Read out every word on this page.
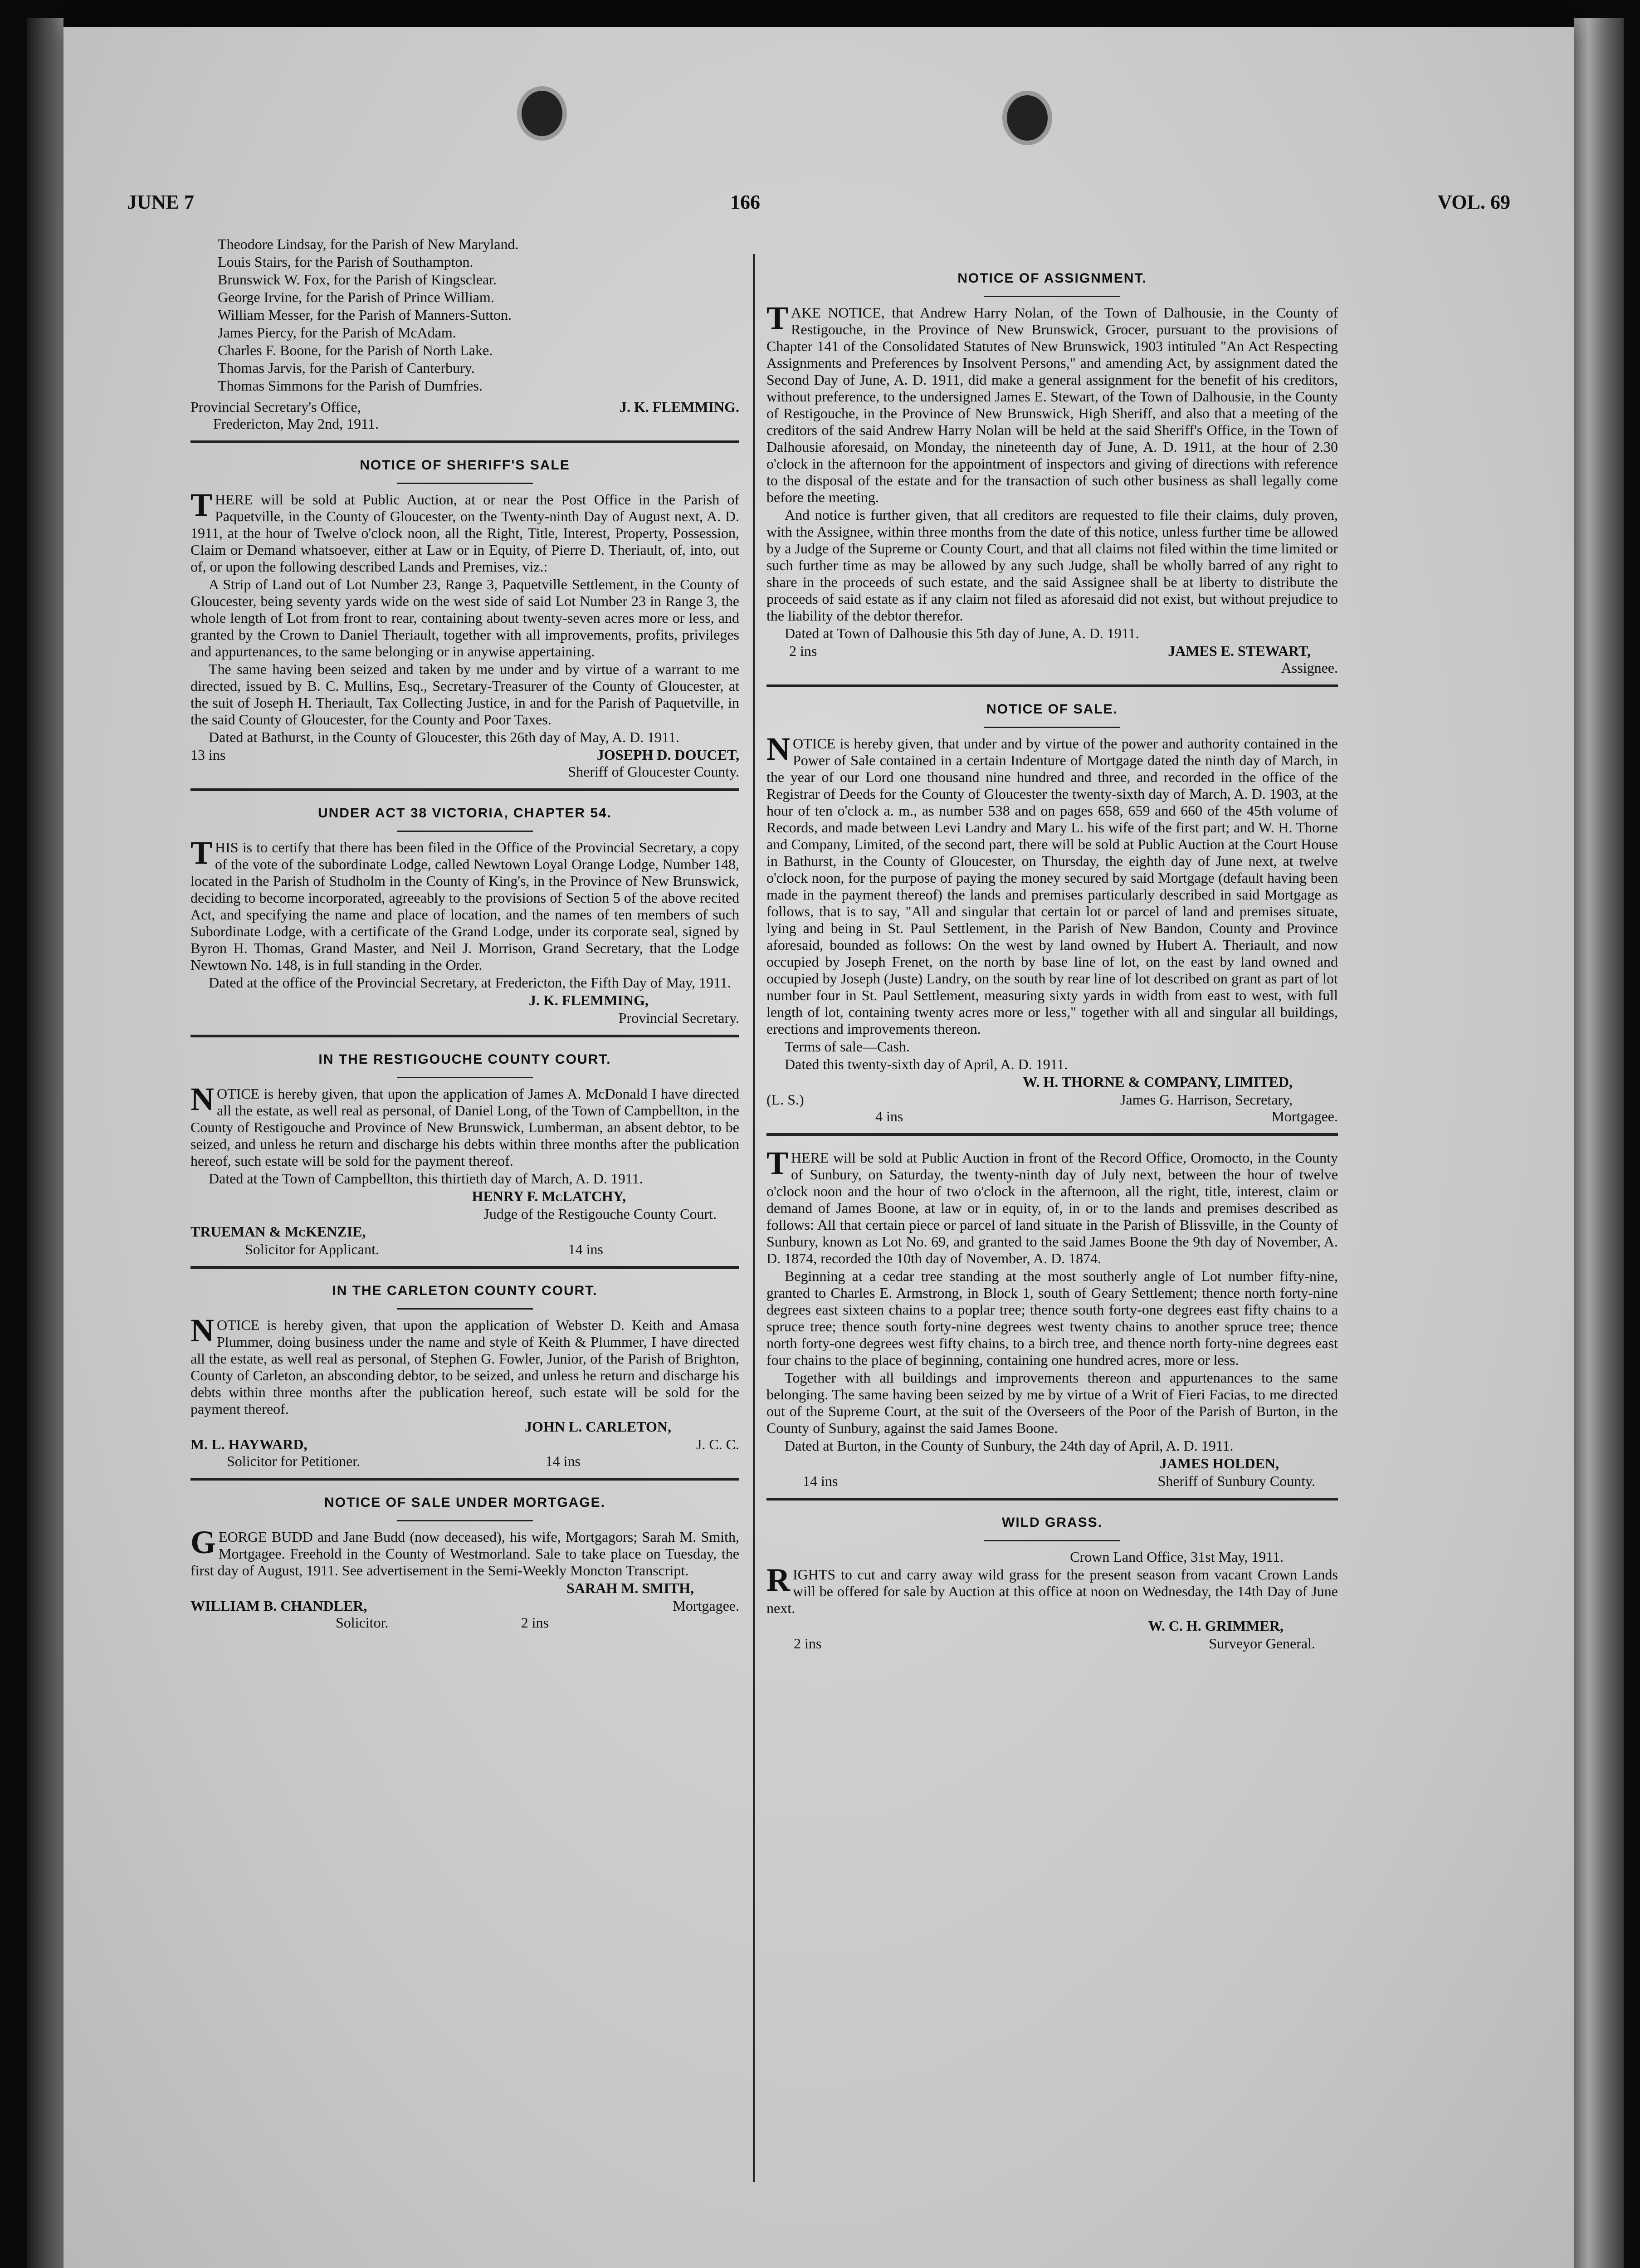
JUNE 7	166	VOL. 69

Theodore Lindsay, for the Parish of New Maryland.

Louis Stairs, for the Parish of Southampton.

Brunswick W. Fox, for the Parish of Kingsclear.

George Irvine, for the Parish of Prince William.

William Messer, for the Parish of Manners-Sutton.

James Piercy, for the Parish of McAdam.

Charles F. Boone, for the Parish of North Lake.

Thomas Jarvis, for the Parish of Canterbury.

Thomas Simmons for the Parish of Dumfries.

Provincial Secretary's Office,	J. K. FLEMMING.

Fredericton, May 2nd, 1911.

NOTICE OF SHERIFF'S SALE

THERE will be sold at Public Auction, at or near the Post Office in the Parish of Paquetville, in the County of Gloucester, on the Twenty-ninth Day of August next, A. D. 1911, at the hour of Twelve o'clock noon, all the Right, Title, Interest, Property, Possession, Claim or Demand whatsoever, either at Law or in Equity, of Pierre D. Theriault, of, into, out of, or upon the following described Lands and Premises, viz.:

A Strip of Land out of Lot Number 23, Range 3, Paquetville Settlement, in the County of Gloucester, being seventy yards wide on the west side of said Lot Number 23 in Range 3, the whole length of Lot from front to rear, containing about twenty-seven acres more or less, and granted by the Crown to Daniel Theriault, together with all improvements, profits, privileges and appurtenances, to the same belonging or in anywise appertaining.

The same having been seized and taken by me under and by virtue of a warrant to me directed, issued by B. C. Mullins, Esq., Secretary-Treasurer of the County of Gloucester, at the suit of Joseph H. Theriault, Tax Collecting Justice, in and for the Parish of Paquetville, in the said County of Gloucester, for the County and Poor Taxes.

Dated at Bathurst, in the County of Gloucester, this 26th day of May, A. D. 1911.

13 ins	JOSEPH D. DOUCET,

Sheriff of Gloucester County.

UNDER ACT 38 VICTORIA, CHAPTER 54.

THIS is to certify that there has been filed in the Office of the Provincial Secretary, a copy of the vote of the subordinate Lodge, called Newtown Loyal Orange Lodge, Number 148, located in the Parish of Studholm in the County of King's, in the Province of New Brunswick, deciding to become incorporated, agreeably to the provisions of Section 5 of the above recited Act, and specifying the name and place of location, and the names of ten members of such Subordinate Lodge, with a certificate of the Grand Lodge, under its corporate seal, signed by Byron H. Thomas, Grand Master, and Neil J. Morrison, Grand Secretary, that the Lodge Newtown No. 148, is in full standing in the Order.

Dated at the office of the Provincial Secretary, at Fredericton, the Fifth Day of May, 1911.

J. K. FLEMMING,

Provincial Secretary.

IN THE RESTIGOUCHE COUNTY COURT.

NOTICE is hereby given, that upon the application of James A. McDonald I have directed all the estate, as well real as personal, of Daniel Long, of the Town of Campbellton, in the County of Restigouche and Province of New Brunswick, Lumberman, an absent debtor, to be seized, and unless he return and discharge his debts within three months after the publication hereof, such estate will be sold for the payment thereof.

Dated at the Town of Campbellton, this thirtieth day of March, A. D. 1911.

HENRY F. McLATCHY,

Judge of the Restigouche County Court.

TRUEMAN & McKENZIE,

Solicitor for Applicant.	14 ins
IN THE CARLETON COUNTY COURT.

NOTICE is hereby given, that upon the application of Webster D. Keith and Amasa Plummer, doing business under the name and style of Keith & Plummer, I have directed all the estate, as well real as personal, of Stephen G. Fowler, Junior, of the Parish of Brighton, County of Carleton, an absconding debtor, to be seized, and unless he return and discharge his debts within three months after the publication hereof, such estate will be sold for the payment thereof.

JOHN L. CARLETON,

M. L. HAYWARD,	J. C. C.
Solicitor for Petitioner.	14 ins
NOTICE OF SALE UNDER MORTGAGE.

GEORGE BUDD and Jane Budd (now deceased), his wife, Mortgagors; Sarah M. Smith, Mortgagee. Freehold in the County of Westmorland. Sale to take place on Tuesday, the first day of August, 1911. See advertisement in the Semi-Weekly Moncton Transcript.

SARAH M. SMITH,

WILLIAM B. CHANDLER,	Mortgagee.
Solicitor.	2 ins
NOTICE OF ASSIGNMENT.

TAKE NOTICE, that Andrew Harry Nolan, of the Town of Dalhousie, in the County of Restigouche, in the Province of New Brunswick, Grocer, pursuant to the provisions of Chapter 141 of the Consolidated Statutes of New Brunswick, 1903 intituled "An Act Respecting Assignments and Preferences by Insolvent Persons," and amending Act, by assignment dated the Second Day of June, A. D. 1911, did make a general assignment for the benefit of his creditors, without preference, to the undersigned James E. Stewart, of the Town of Dalhousie, in the County of Restigouche, in the Province of New Brunswick, High Sheriff, and also that a meeting of the creditors of the said Andrew Harry Nolan will be held at the said Sheriff's Office, in the Town of Dalhousie aforesaid, on Monday, the nineteenth day of June, A. D. 1911, at the hour of 2.30 o'clock in the afternoon for the appointment of inspectors and giving of directions with reference to the disposal of the estate and for the transaction of such other business as shall legally come before the meeting.

And notice is further given, that all creditors are requested to file their claims, duly proven, with the Assignee, within three months from the date of this notice, unless further time be allowed by a Judge of the Supreme or County Court, and that all claims not filed within the time limited or such further time as may be allowed by any such Judge, shall be wholly barred of any right to share in the proceeds of such estate, and the said Assignee shall be at liberty to distribute the proceeds of said estate as if any claim not filed as aforesaid did not exist, but without prejudice to the liability of the debtor therefor.

Dated at Town of Dalhousie this 5th day of June, A. D. 1911.

2 ins	JAMES E. STEWART,

Assignee.

NOTICE OF SALE.

NOTICE is hereby given, that under and by virtue of the power and authority contained in the Power of Sale contained in a certain Indenture of Mortgage dated the ninth day of March, in the year of our Lord one thousand nine hundred and three, and recorded in the office of the Registrar of Deeds for the County of Gloucester the twenty-sixth day of March, A. D. 1903, at the hour of ten o'clock a. m., as number 538 and on pages 658, 659 and 660 of the 45th volume of Records, and made between Levi Landry and Mary L. his wife of the first part; and W. H. Thorne and Company, Limited, of the second part, there will be sold at Public Auction at the Court House in Bathurst, in the County of Gloucester, on Thursday, the eighth day of June next, at twelve o'clock noon, for the purpose of paying the money secured by said Mortgage (default having been made in the payment thereof) the lands and premises particularly described in said Mortgage as follows, that is to say, "All and singular that certain lot or parcel of land and premises situate, lying and being in St. Paul Settlement, in the Parish of New Bandon, County and Province aforesaid, bounded as follows: On the west by land owned by Hubert A. Theriault, and now occupied by Joseph Frenet, on the north by base line of lot, on the east by land owned and occupied by Joseph (Juste) Landry, on the south by rear line of lot described on grant as part of lot number four in St. Paul Settlement, measuring sixty yards in width from east to west, with full length of lot, containing twenty acres more or less," together with all and singular all buildings, erections and improvements thereon.

Terms of sale—Cash.

Dated this twenty-sixth day of April, A. D. 1911.

W. H. THORNE & COMPANY, LIMITED,

(L. S.)	James G. Harrison, Secretary,
4 ins	Mortgagee.

THERE will be sold at Public Auction in front of the Record Office, Oromocto, in the County of Sunbury, on Saturday, the twenty-ninth day of July next, between the hour of twelve o'clock noon and the hour of two o'clock in the afternoon, all the right, title, interest, claim or demand of James Boone, at law or in equity, of, in or to the lands and premises described as follows: All that certain piece or parcel of land situate in the Parish of Blissville, in the County of Sunbury, known as Lot No. 69, and granted to the said James Boone the 9th day of November, A. D. 1874, recorded the 10th day of November, A. D. 1874.

Beginning at a cedar tree standing at the most southerly angle of Lot number fifty-nine, granted to Charles E. Armstrong, in Block 1, south of Geary Settlement; thence north forty-nine degrees east sixteen chains to a poplar tree; thence south forty-one degrees east fifty chains to a spruce tree; thence south forty-nine degrees west twenty chains to another spruce tree; thence north forty-one degrees west fifty chains, to a birch tree, and thence north forty-nine degrees east four chains to the place of beginning, containing one hundred acres, more or less.

Together with all buildings and improvements thereon and appurtenances to the same belonging. The same having been seized by me by virtue of a Writ of Fieri Facias, to me directed out of the Supreme Court, at the suit of the Overseers of the Poor of the Parish of Burton, in the County of Sunbury, against the said James Boone.

Dated at Burton, in the County of Sunbury, the 24th day of April, A. D. 1911.

JAMES HOLDEN,

14 ins	Sheriff of Sunbury County.
WILD GRASS.

Crown Land Office, 31st May, 1911.

RIGHTS to cut and carry away wild grass for the present season from vacant Crown Lands will be offered for sale by Auction at this office at noon on Wednesday, the 14th Day of June next.

W. C. H. GRIMMER,

2 ins	Surveyor General.
